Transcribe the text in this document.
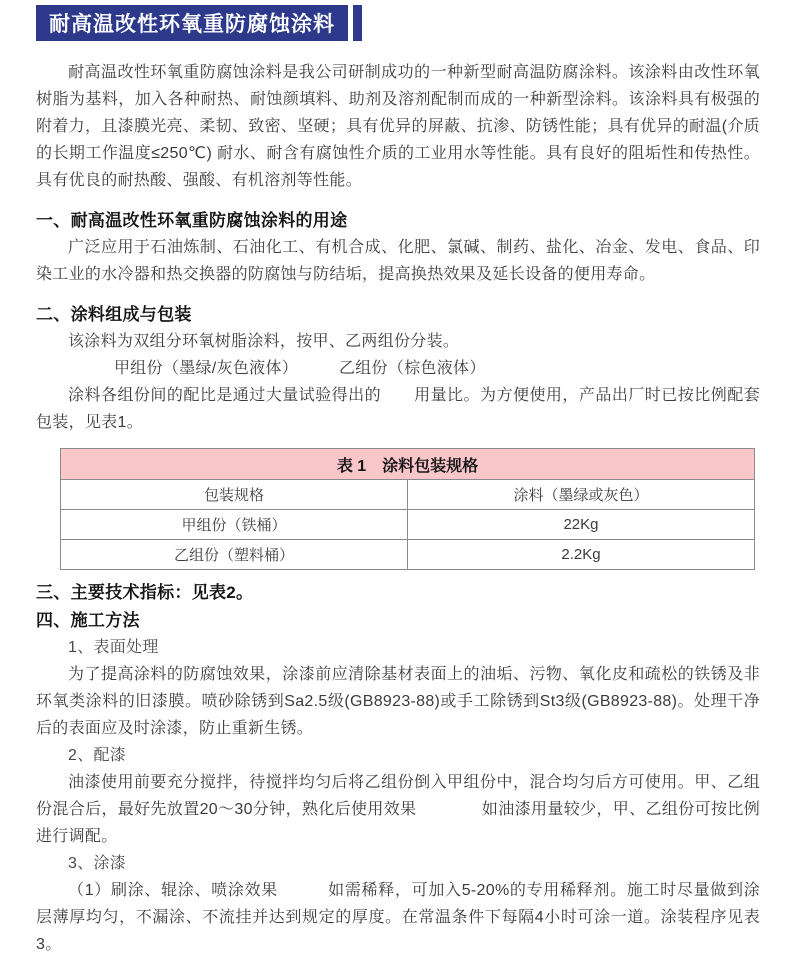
耐高温改性环氧重防腐蚀涂料

耐高温改性环氧重防腐蚀涂料是我公司研制成功的一种新型耐高温防腐涂料。该涂料由改性环氧树脂为基料，加入各种耐热、耐蚀颜填料、助剂及溶剂配制而成的一种新型涂料。该涂料具有极强的附着力，且漆膜光亮、柔韧、致密、坚硬；具有优异的屏蔽、抗渗、防锈性能；具有优异的耐温(介质的长期工作温度≤250℃) 耐水、耐含有腐蚀性介质的工业用水等性能。具有良好的阻垢性和传热性。具有优良的耐热酸、强酸、有机溶剂等性能。

一、耐高温改性环氧重防腐蚀涂料的用途

广泛应用于石油炼制、石油化工、有机合成、化肥、氯碱、制药、盐化、冶金、发电、食品、印染工业的水冷器和热交换器的防腐蚀与防结垢，提高换热效果及延长设备的便用寿命。

二、涂料组成与包装

该涂料为双组分环氧树脂涂料，按甲、乙两组份分装。

甲组份（墨绿/灰色液体）　　　乙组份（棕色液体）

涂料各组份间的配比是通过大量试验得出的　　用量比。为方便使用，产品出厂时已按比例配套包装，见表1。

表 1　涂料包装规格	
包装规格	涂料（墨绿或灰色）
甲组份（铁桶）	22Kg
乙组份（塑料桶）	2.2Kg
三、主要技术指标：见表2。
四、施工方法

1、表面处理

为了提高涂料的防腐蚀效果，涂漆前应清除基材表面上的油垢、污物、氧化皮和疏松的铁锈及非环氧类涂料的旧漆膜。喷砂除锈到Sa2.5级(GB8923-88)或手工除锈到St3级(GB8923-88)。处理干净后的表面应及时涂漆，防止重新生锈。

2、配漆

油漆使用前要充分搅拌，待搅拌均匀后将乙组份倒入甲组份中，混合均匀后方可使用。甲、乙组份混合后，最好先放置20～30分钟，熟化后使用效果　　　　如油漆用量较少，甲、乙组份可按比例进行调配。

3、涂漆

（1）刷涂、辊涂、喷涂效果　　　如需稀释，可加入5-20%的专用稀释剂。施工时尽量做到涂层薄厚均匀，不漏涂、不流挂并达到规定的厚度。在常温条件下每隔4小时可涂一道。涂装程序见表3。
